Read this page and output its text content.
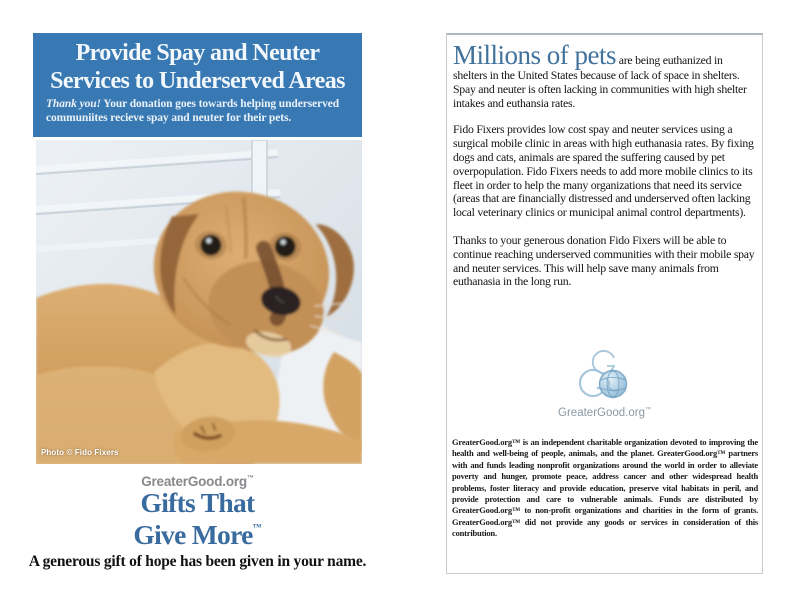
Provide Spay and Neuter
Services to Underserved Areas

Thank you! Your donation goes towards helping underserved communiites recieve spay and neuter for their pets.

Photo © Fido Fixers
GreaterGood.org™
Gifts That
Give More™
A generous gift of hope has been given in your name.

Millions of pets are being euthanized in shelters in the United States because of lack of space in shelters. Spay and neuter is often lacking in communities with high shelter intakes and euthansia rates.

Fido Fixers provides low cost spay and neuter services using a surgical mobile clinic in areas with high euthanasia rates. By fixing dogs and cats, animals are spared the suffering caused by pet overpopulation. Fido Fixers needs to add more mobile clinics to its fleet in order to help the many organizations that need its service (areas that are financially distressed and underserved often lacking local veterinary clinics or municipal animal control departments).

Thanks to your generous donation Fido Fixers will be able to continue reaching underserved communities with their mobile spay and neuter services. This will help save many animals from euthanasia in the long run.

GreaterGood.org™

GreaterGood.org™ is an independent charitable organization devoted to improving the health and well-being of people, animals, and the planet. GreaterGood.org™ partners with and funds leading nonprofit organizations around the world in order to alleviate poverty and hunger, promote peace, address cancer and other widespread health problems, foster literacy and provide education, preserve vital habitats in peril, and provide protection and care to vulnerable animals. Funds are distributed by GreaterGood.org™ to non-profit organizations and charities in the form of grants. GreaterGood.org™ did not provide any goods or services in consideration of this contribution.
